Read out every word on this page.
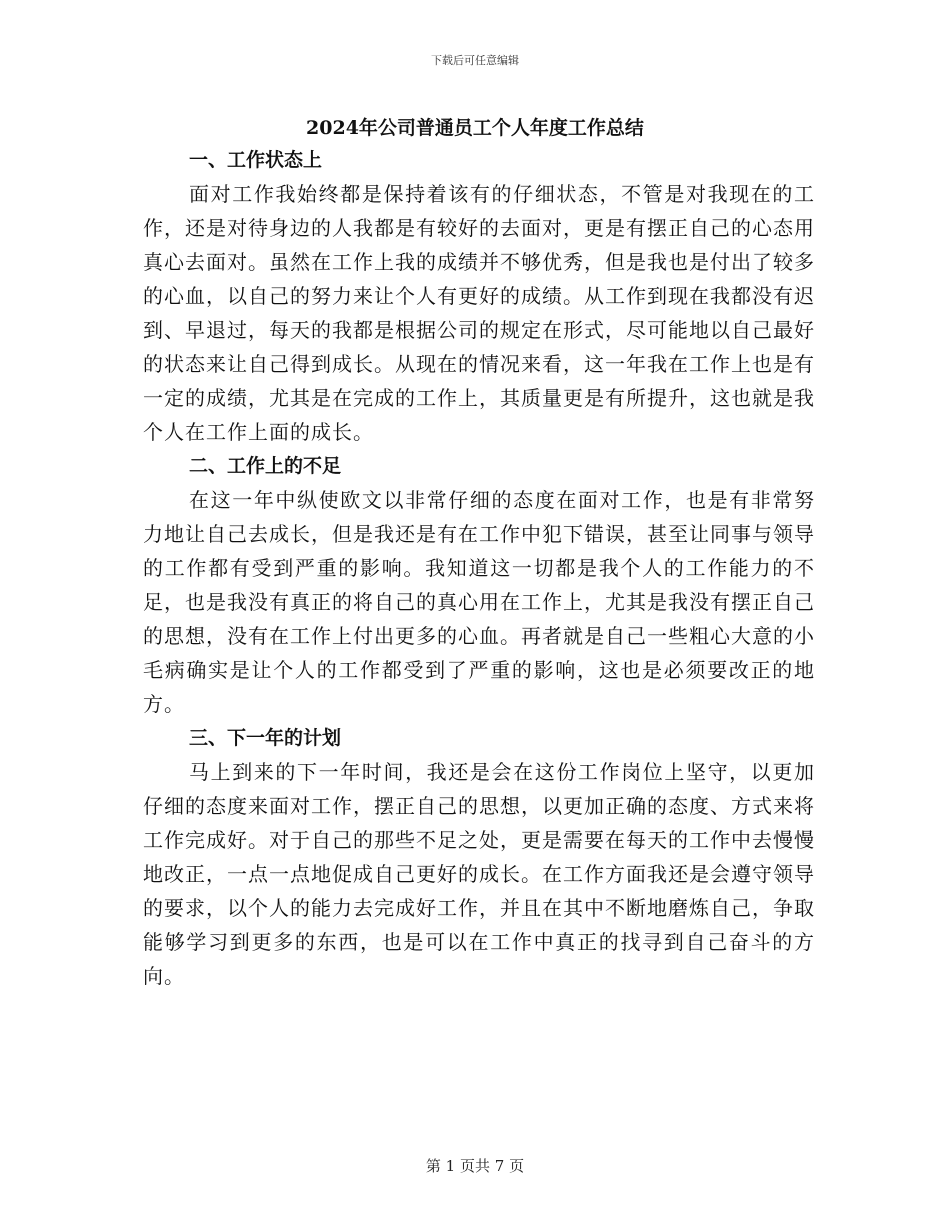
下载后可任意编辑
2024年公司普通员工个人年度工作总结
一、工作状态上

面对工作我始终都是保持着该有的仔细状态，不管是对我现在的工作，还是对待身边的人我都是有较好的去面对，更是有摆正自己的心态用真心去面对。虽然在工作上我的成绩并不够优秀，但是我也是付出了较多的心血，以自己的努力来让个人有更好的成绩。从工作到现在我都没有迟到、早退过，每天的我都是根据公司的规定在形式，尽可能地以自己最好的状态来让自己得到成长。从现在的情况来看，这一年我在工作上也是有一定的成绩，尤其是在完成的工作上，其质量更是有所提升，这也就是我个人在工作上面的成长。

二、工作上的不足

在这一年中纵使欧文以非常仔细的态度在面对工作，也是有非常努力地让自己去成长，但是我还是有在工作中犯下错误，甚至让同事与领导的工作都有受到严重的影响。我知道这一切都是我个人的工作能力的不足，也是我没有真正的将自己的真心用在工作上，尤其是我没有摆正自己的思想，没有在工作上付出更多的心血。再者就是自己一些粗心大意的小毛病确实是让个人的工作都受到了严重的影响，这也是必须要改正的地方。

三、下一年的计划

马上到来的下一年时间，我还是会在这份工作岗位上坚守，以更加仔细的态度来面对工作，摆正自己的思想，以更加正确的态度、方式来将工作完成好。对于自己的那些不足之处，更是需要在每天的工作中去慢慢地改正，一点一点地促成自己更好的成长。在工作方面我还是会遵守领导的要求，以个人的能力去完成好工作，并且在其中不断地磨炼自己，争取能够学习到更多的东西，也是可以在工作中真正的找寻到自己奋斗的方向。

第 1 页共 7 页
